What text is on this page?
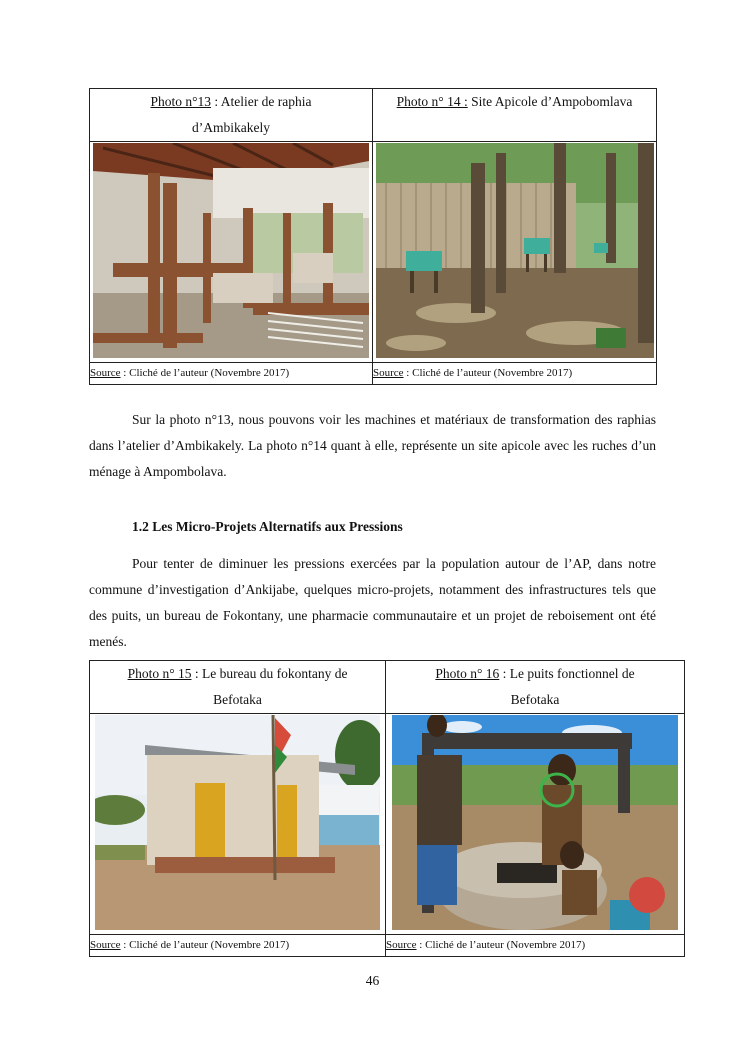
Photo n°13 : Atelier de raphia
d’Ambikakely	Photo n° 14 : Site Apicole d’Ampobomlava

Source : Cliché de l’auteur (Novembre 2017)	Source : Cliché de l’auteur (Novembre 2017)

Sur la photo n°13, nous pouvons voir les machines et matériaux de transformation des raphias dans l’atelier d’Ambikakely. La photo n°14 quant à elle, représente un site apicole avec les ruches d’un ménage à Ampombolava.

1.2 Les Micro-Projets Alternatifs aux Pressions

Pour tenter de diminuer les pressions exercées par la population autour de l’AP, dans notre commune d’investigation d’Ankijabe, quelques micro-projets, notamment des infrastructures tels que des puits, un bureau de Fokontany, une pharmacie communautaire et un projet de reboisement ont été menés.

Photo n° 15 : Le bureau du fokontany de
Befotaka	Photo n° 16 : Le puits fonctionnel de
Befotaka

Source : Cliché de l’auteur (Novembre 2017)	Source : Cliché de l’auteur (Novembre 2017)
46
